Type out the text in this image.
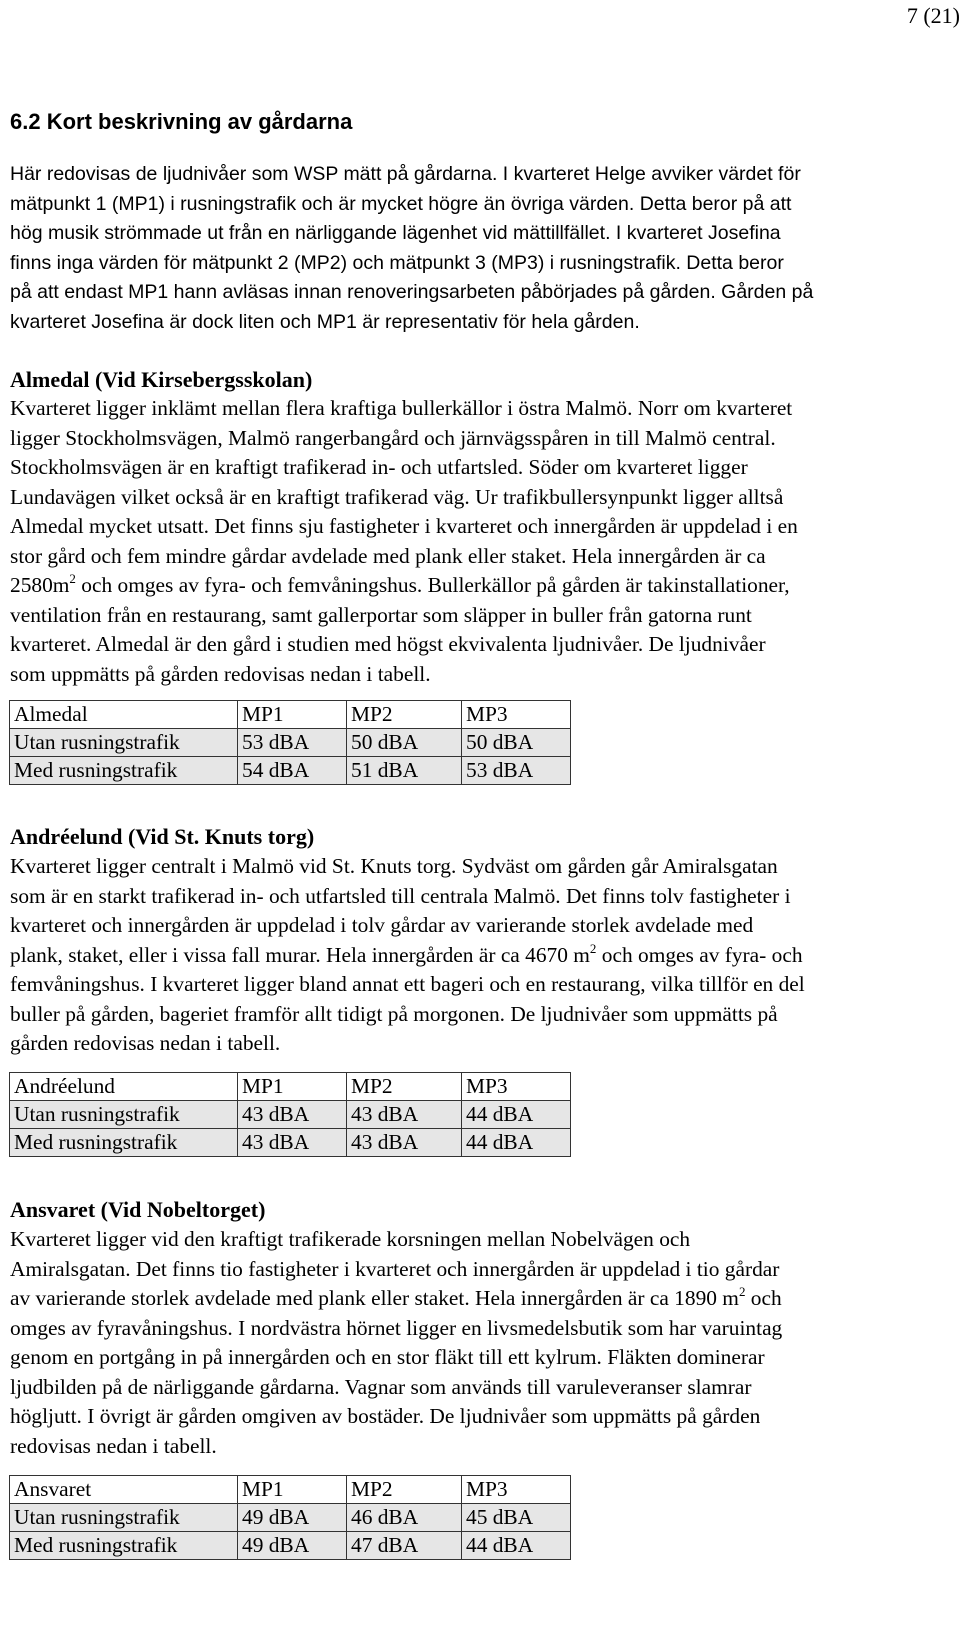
7 (21)
6.2 Kort beskrivning av gårdarna
Här redovisas de ljudnivåer som WSP mätt på gårdarna. I kvarteret Helge avviker värdet för
mätpunkt 1 (MP1) i rusningstrafik och är mycket högre än övriga värden. Detta beror på att
hög musik strömmade ut från en närliggande lägenhet vid mättillfället. I kvarteret Josefina
finns inga värden för mätpunkt 2 (MP2) och mätpunkt 3 (MP3) i rusningstrafik. Detta beror
på att endast MP1 hann avläsas innan renoveringsarbeten påbörjades på gården. Gården på
kvarteret Josefina är dock liten och MP1 är representativ för hela gården.
Almedal (Vid Kirsebergsskolan)
Kvarteret ligger inklämt mellan flera kraftiga bullerkällor i östra Malmö. Norr om kvarteret
ligger Stockholmsvägen, Malmö rangerbangård och järnvägsspåren in till Malmö central.
Stockholmsvägen är en kraftigt trafikerad in- och utfartsled. Söder om kvarteret ligger
Lundavägen vilket också är en kraftigt trafikerad väg. Ur trafikbullersynpunkt ligger alltså
Almedal mycket utsatt. Det finns sju fastigheter i kvarteret och innergården är uppdelad i en
stor gård och fem mindre gårdar avdelade med plank eller staket. Hela innergården är ca
$2580m^2$ och omges av fyra- och femvåningshus. Bullerkällor på gården är takinstallationer,
ventilation från en restaurang, samt gallerportar som släpper in buller från gatorna runt
kvarteret. Almedal är den gård i studien med högst ekvivalenta ljudnivåer. De ljudnivåer
som uppmätts på gården redovisas nedan i tabell.
Almedal	MP1	MP2	MP3
Utan rusningstrafik	53 dBA	50 dBA	50 dBA
Med rusningstrafik	54 dBA	51 dBA	53 dBA
Andréelund (Vid St. Knuts torg)
Kvarteret ligger centralt i Malmö vid St. Knuts torg. Sydväst om gården går Amiralsgatan
som är en starkt trafikerad in- och utfartsled till centrala Malmö. Det finns tolv fastigheter i
kvarteret och innergården är uppdelad i tolv gårdar av varierande storlek avdelade med
plank, staket, eller i vissa fall murar. Hela innergården är ca 4670 $m^2$ och omges av fyra- och
femvåningshus. I kvarteret ligger bland annat ett bageri och en restaurang, vilka tillför en del
buller på gården, bageriet framför allt tidigt på morgonen. De ljudnivåer som uppmätts på
gården redovisas nedan i tabell.
Andréelund	MP1	MP2	MP3
Utan rusningstrafik	43 dBA	43 dBA	44 dBA
Med rusningstrafik	43 dBA	43 dBA	44 dBA
Ansvaret (Vid Nobeltorget)
Kvarteret ligger vid den kraftigt trafikerade korsningen mellan Nobelvägen och
Amiralsgatan. Det finns tio fastigheter i kvarteret och innergården är uppdelad i tio gårdar
av varierande storlek avdelade med plank eller staket. Hela innergården är ca 1890 $m^2$ och
omges av fyravåningshus. I nordvästra hörnet ligger en livsmedelsbutik som har varuintag
genom en portgång in på innergården och en stor fläkt till ett kylrum. Fläkten dominerar
ljudbilden på de närliggande gårdarna. Vagnar som används till varuleveranser slamrar
högljutt. I övrigt är gården omgiven av bostäder. De ljudnivåer som uppmätts på gården
redovisas nedan i tabell.
Ansvaret	MP1	MP2	MP3
Utan rusningstrafik	49 dBA	46 dBA	45 dBA
Med rusningstrafik	49 dBA	47 dBA	44 dBA
